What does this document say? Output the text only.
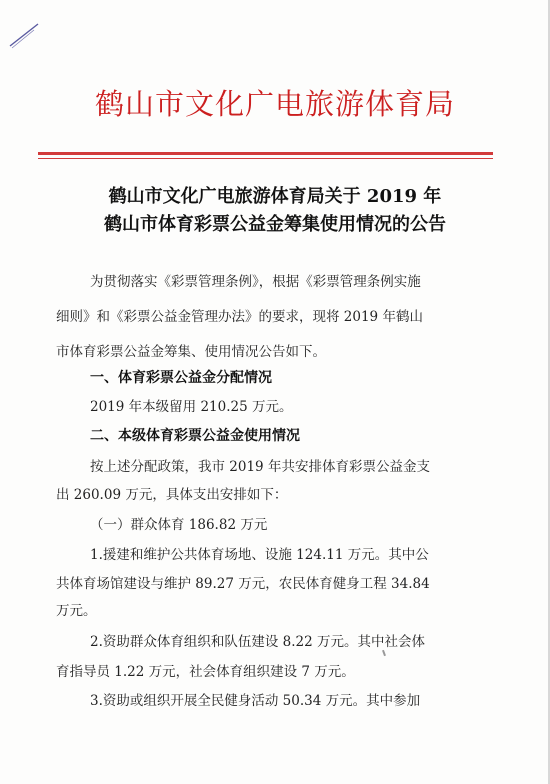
鹤山市文化广电旅游体育局
鹤山市文化广电旅游体育局关于 2019 年
鹤山市体育彩票公益金筹集使用情况的公告
为贯彻落实《彩票管理条例》，根据《彩票管理条例实施
细则》和《彩票公益金管理办法》的要求，现将 2019 年鹤山
市体育彩票公益金筹集、使用情况公告如下。
一、体育彩票公益金分配情况
2019 年本级留用 210.25 万元。
二、本级体育彩票公益金使用情况
按上述分配政策，我市 2019 年共安排体育彩票公益金支
出 260.09 万元，具体支出安排如下：
（一）群众体育 186.82 万元
1.援建和维护公共体育场地、设施 124.11 万元。其中公
共体育场馆建设与维护 89.27 万元，农民体育健身工程 34.84
万元。
2.资助群众体育组织和队伍建设 8.22 万元。其中社会体
育指导员 1.22 万元，社会体育组织建设 7 万元。
3.资助或组织开展全民健身活动 50.34 万元。其中参加
